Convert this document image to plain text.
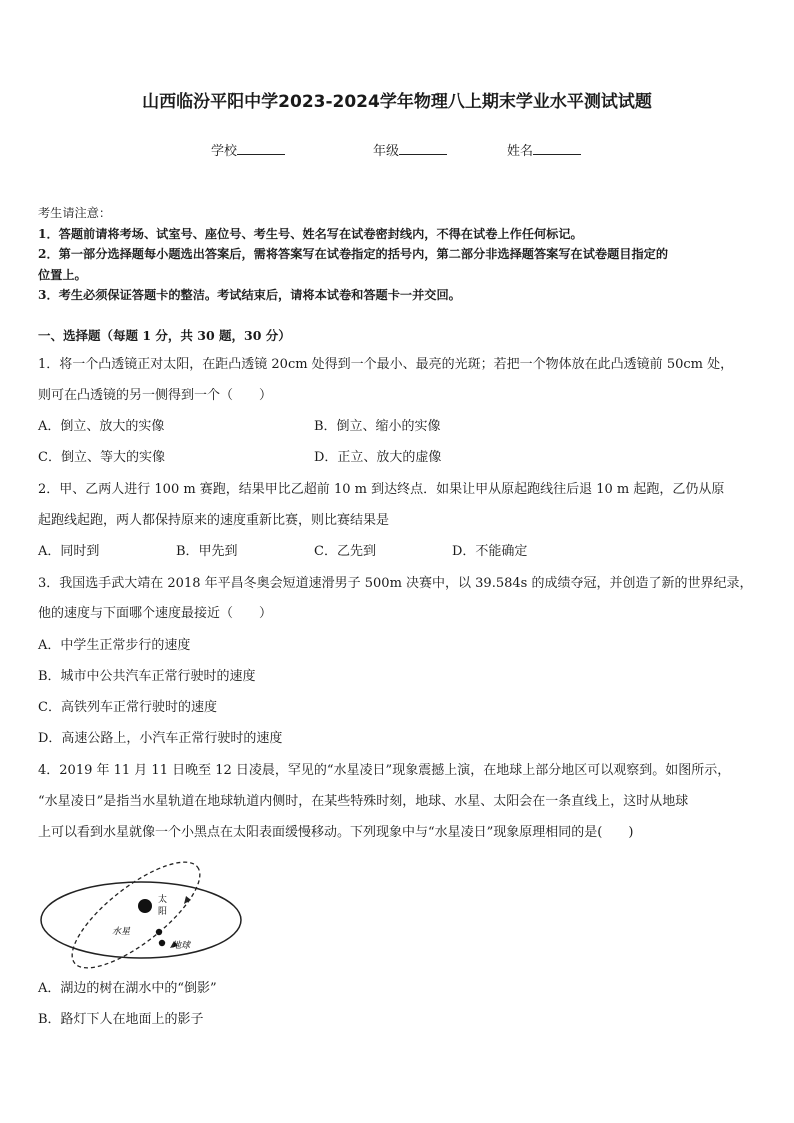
山西临汾平阳中学2023-2024学年物理八上期末学业水平测试试题
学校	年级	姓名
考生请注意：
1．答题前请将考场、试室号、座位号、考生号、姓名写在试卷密封线内，不得在试卷上作任何标记。
2．第一部分选择题每小题选出答案后，需将答案写在试卷指定的括号内，第二部分非选择题答案写在试卷题目指定的
位置上。
3．考生必须保证答题卡的整洁。考试结束后，请将本试卷和答题卡一并交回。
一、选择题（每题 1 分，共 30 题，30 分）
1．将一个凸透镜正对太阳，在距凸透镜 20cm 处得到一个最小、最亮的光斑；若把一个物体放在此凸透镜前 50cm 处，
则可在凸透镜的另一侧得到一个（　　）
A．倒立、放大的实像	B．倒立、缩小的实像
C．倒立、等大的实像	D．正立、放大的虚像
2．甲、乙两人进行 100 m 赛跑，结果甲比乙超前 10 m 到达终点．如果让甲从原起跑线往后退 10 m 起跑，乙仍从原
起跑线起跑，两人都保持原来的速度重新比赛，则比赛结果是
A．同时到	B．甲先到	C．乙先到	D．不能确定
3．我国选手武大靖在 2018 年平昌冬奥会短道速滑男子 500m 决赛中，以 39.584s 的成绩夺冠，并创造了新的世界纪录，
他的速度与下面哪个速度最接近（　　）
A．中学生正常步行的速度
B．城市中公共汽车正常行驶时的速度
C．高铁列车正常行驶时的速度
D．高速公路上，小汽车正常行驶时的速度
4．2019 年 11 月 11 日晚至 12 日凌晨，罕见的“水星凌日”现象震撼上演，在地球上部分地区可以观察到。如图所示，
“水星凌日”是指当水星轨道在地球轨道内侧时，在某些特殊时刻，地球、水星、太阳会在一条直线上，这时从地球
上可以看到水星就像一个小黑点在太阳表面缓慢移动。下列现象中与“水星凌日”现象原理相同的是(　　)
太
阳
水星
地球
A．湖边的树在湖水中的“倒影”
B．路灯下人在地面上的影子
